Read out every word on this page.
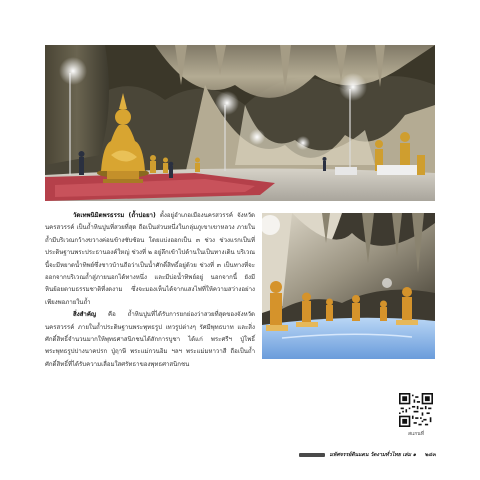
วัดเทพนิมิตพรธรรม (ถ้ำปอยา) ตั้งอยู่อำเภอเมืองนครสวรรค์ จังหวัดนครสวรรค์ เป็นถ้ำหินปูนที่สวยที่สุด ถือเป็นส่วนหนึ่งในกลุ่มภูเขาเขาหลวง ภายในถ้ำมีบริเวณกว้างขวางค่อนข้างซับซ้อน โดยแบ่งออกเป็น ๓ ช่วง ช่วงแรกเป็นที่ประดิษฐานพระประธานองค์ใหญ่ ช่วงที่ ๒ อยู่ลึกเข้าไปด้านในเป็นทางเดิน บริเวณนี้จะมีหยาดน้ำทิพย์ซึ่งชาวบ้านถือว่าเป็นน้ำศักดิ์สิทธิ์อยู่ด้วย ช่วงที่ ๓ เป็นทางที่จะออกจากบริเวณถ้ำสู่ภายนอกได้ทางหนึ่ง และมีบ่อน้ำทิพย์อยู่ นอกจากนี้ ยังมีหินย้อยตามธรรมชาติที่งดงาม ซึ่งจะมองเห็นได้จากแสงไฟที่ให้ความสว่างอย่างเพียงพอภายในถ้ำ

สิ่งสำคัญ คือ ถ้ำหินปูนที่ได้รับการยกย่องว่าสวยที่สุดของจังหวัดนครสวรรค์ ภายในถ้ำประดิษฐานพระพุทธรูป เทวรูปต่างๆ รัศมีพุทธบาท และสิ่งศักดิ์สิทธิ์จำนวนมากให้พุทธศาสนิกชนได้สักการบูชา ได้แก่ พระศรีฯ ปู่โพธิ์ พระพุทธรูปปางนาคปรก ปู่ฤาษี พระแม่กวนอิม ฯลฯ พระแม่มหาวาสี ถือเป็นถ้ำศักดิ์สิทธิ์ที่ได้รับความเลื่อมใสศรัทธาของพุทธศาสนิกชน

สแกนที่
มหัศจรรย์ดินแดน วัดงามทั่วไทย เล่ม ๑ ๒๔๓
